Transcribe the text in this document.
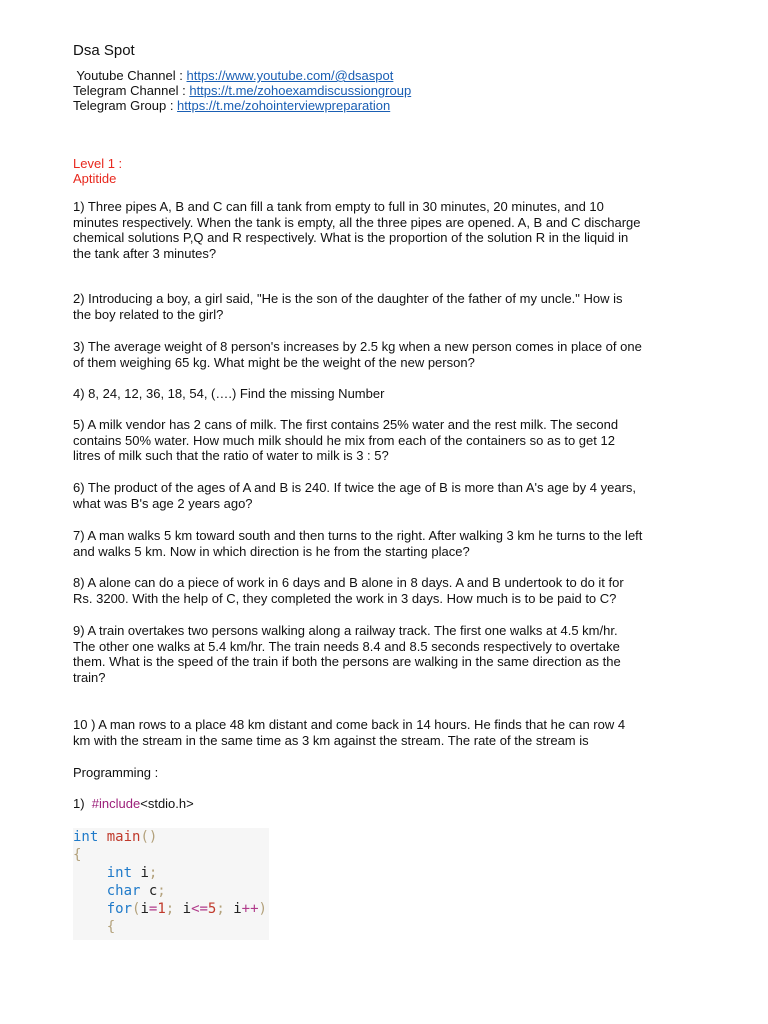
Dsa Spot
Youtube Channel : https://www.youtube.com/@dsaspot
Telegram Channel : https://t.me/zohoexamdiscussiongroup
Telegram Group : https://t.me/zohointerviewpreparation
Level 1 :
Aptitide

1) Three pipes A, B and C can fill a tank from empty to full in 30 minutes, 20 minutes, and 10

minutes respectively. When the tank is empty, all the three pipes are opened. A, B and C discharge

chemical solutions P,Q and R respectively. What is the proportion of the solution R in the liquid in

the tank after 3 minutes?

2) Introducing a boy, a girl said, "He is the son of the daughter of the father of my uncle." How is

the boy related to the girl?

3) The average weight of 8 person's increases by 2.5 kg when a new person comes in place of one

of them weighing 65 kg. What might be the weight of the new person?

4) 8, 24, 12, 36, 18, 54, (….) Find the missing Number

5) A milk vendor has 2 cans of milk. The first contains 25% water and the rest milk. The second

contains 50% water. How much milk should he mix from each of the containers so as to get 12

litres of milk such that the ratio of water to milk is 3 : 5?

6) The product of the ages of A and B is 240. If twice the age of B is more than A's age by 4 years,

what was B's age 2 years ago?

7) A man walks 5 km toward south and then turns to the right. After walking 3 km he turns to the left

and walks 5 km. Now in which direction is he from the starting place?

8) A alone can do a piece of work in 6 days and B alone in 8 days. A and B undertook to do it for

Rs. 3200. With the help of C, they completed the work in 3 days. How much is to be paid to C?

9) A train overtakes two persons walking along a railway track. The first one walks at 4.5 km/hr.

The other one walks at 5.4 km/hr. The train needs 8.4 and 8.5 seconds respectively to overtake

them. What is the speed of the train if both the persons are walking in the same direction as the

train?

10 ) A man rows to a place 48 km distant and come back in 14 hours. He finds that he can row 4

km with the stream in the same time as 3 km against the stream. The rate of the stream is

Programming :

1)  #include<stdio.h>

int main()
{
int i;
char c;
for(i=1; i<=5; i++)
{
